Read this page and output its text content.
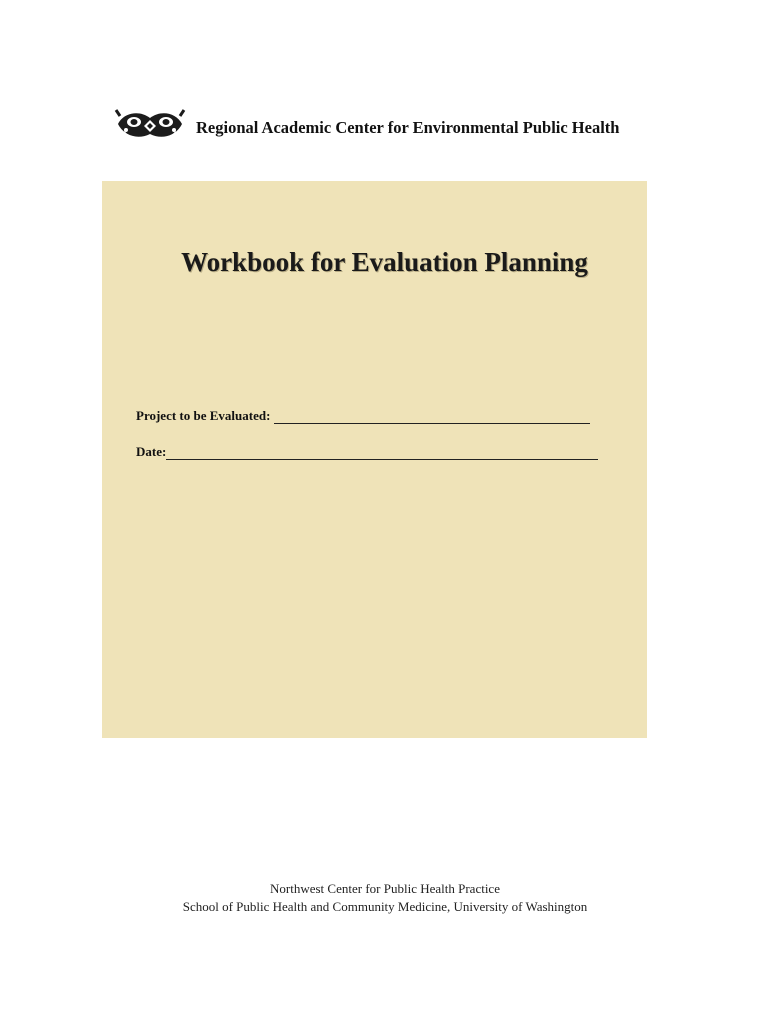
Regional Academic Center for Environmental Public Health
Workbook for Evaluation Planning
Project to be Evaluated:
Date:
Northwest Center for Public Health Practice
School of Public Health and Community Medicine, University of Washington
